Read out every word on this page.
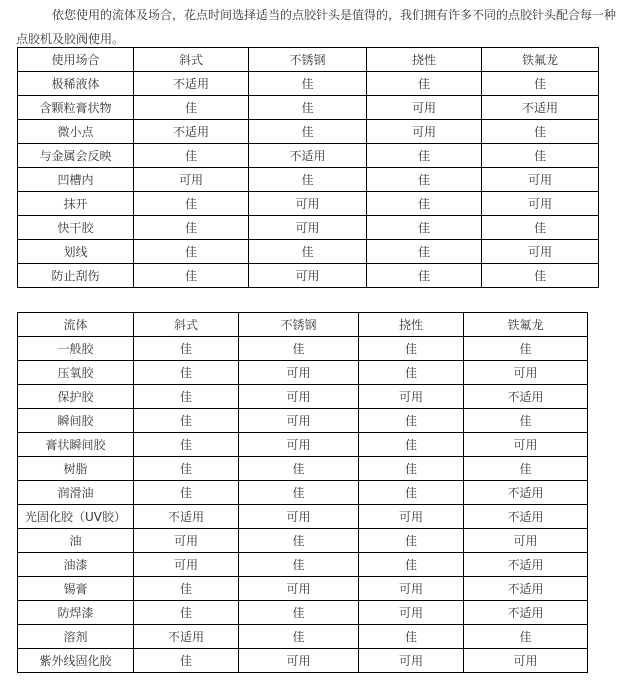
依您使用的流体及场合，花点时间选择适当的点胶针头是值得的，我们拥有许多不同的点胶针头配合每一种点胶机及胶阀使用。

使用场合	斜式	不锈钢	挠性	铁氟龙
极稀液体	不适用	佳	佳	佳
含颗粒膏状物	佳	佳	可用	不适用
微小点	不适用	佳	可用	佳
与金属会反映	佳	不适用	佳	佳
凹槽内	可用	佳	佳	可用
抹开	佳	可用	佳	可用
快干胶	佳	可用	佳	佳
划线	佳	佳	佳	可用
防止刮伤	佳	可用	佳	佳
流体	斜式	不锈钢	挠性	铁氟龙
一般胶	佳	佳	佳	佳
压氧胶	佳	可用	佳	可用
保护胶	佳	可用	可用	不适用
瞬间胶	佳	可用	佳	佳
膏状瞬间胶	佳	可用	佳	可用
树脂	佳	佳	佳	佳
润滑油	佳	佳	佳	不适用
光固化胶（UV胶）	不适用	可用	可用	不适用
油	可用	佳	佳	可用
油漆	可用	佳	佳	不适用
锡膏	佳	可用	可用	不适用
防焊漆	佳	佳	可用	不适用
溶剂	不适用	佳	佳	佳
紫外线固化胶	佳	可用	可用	可用
